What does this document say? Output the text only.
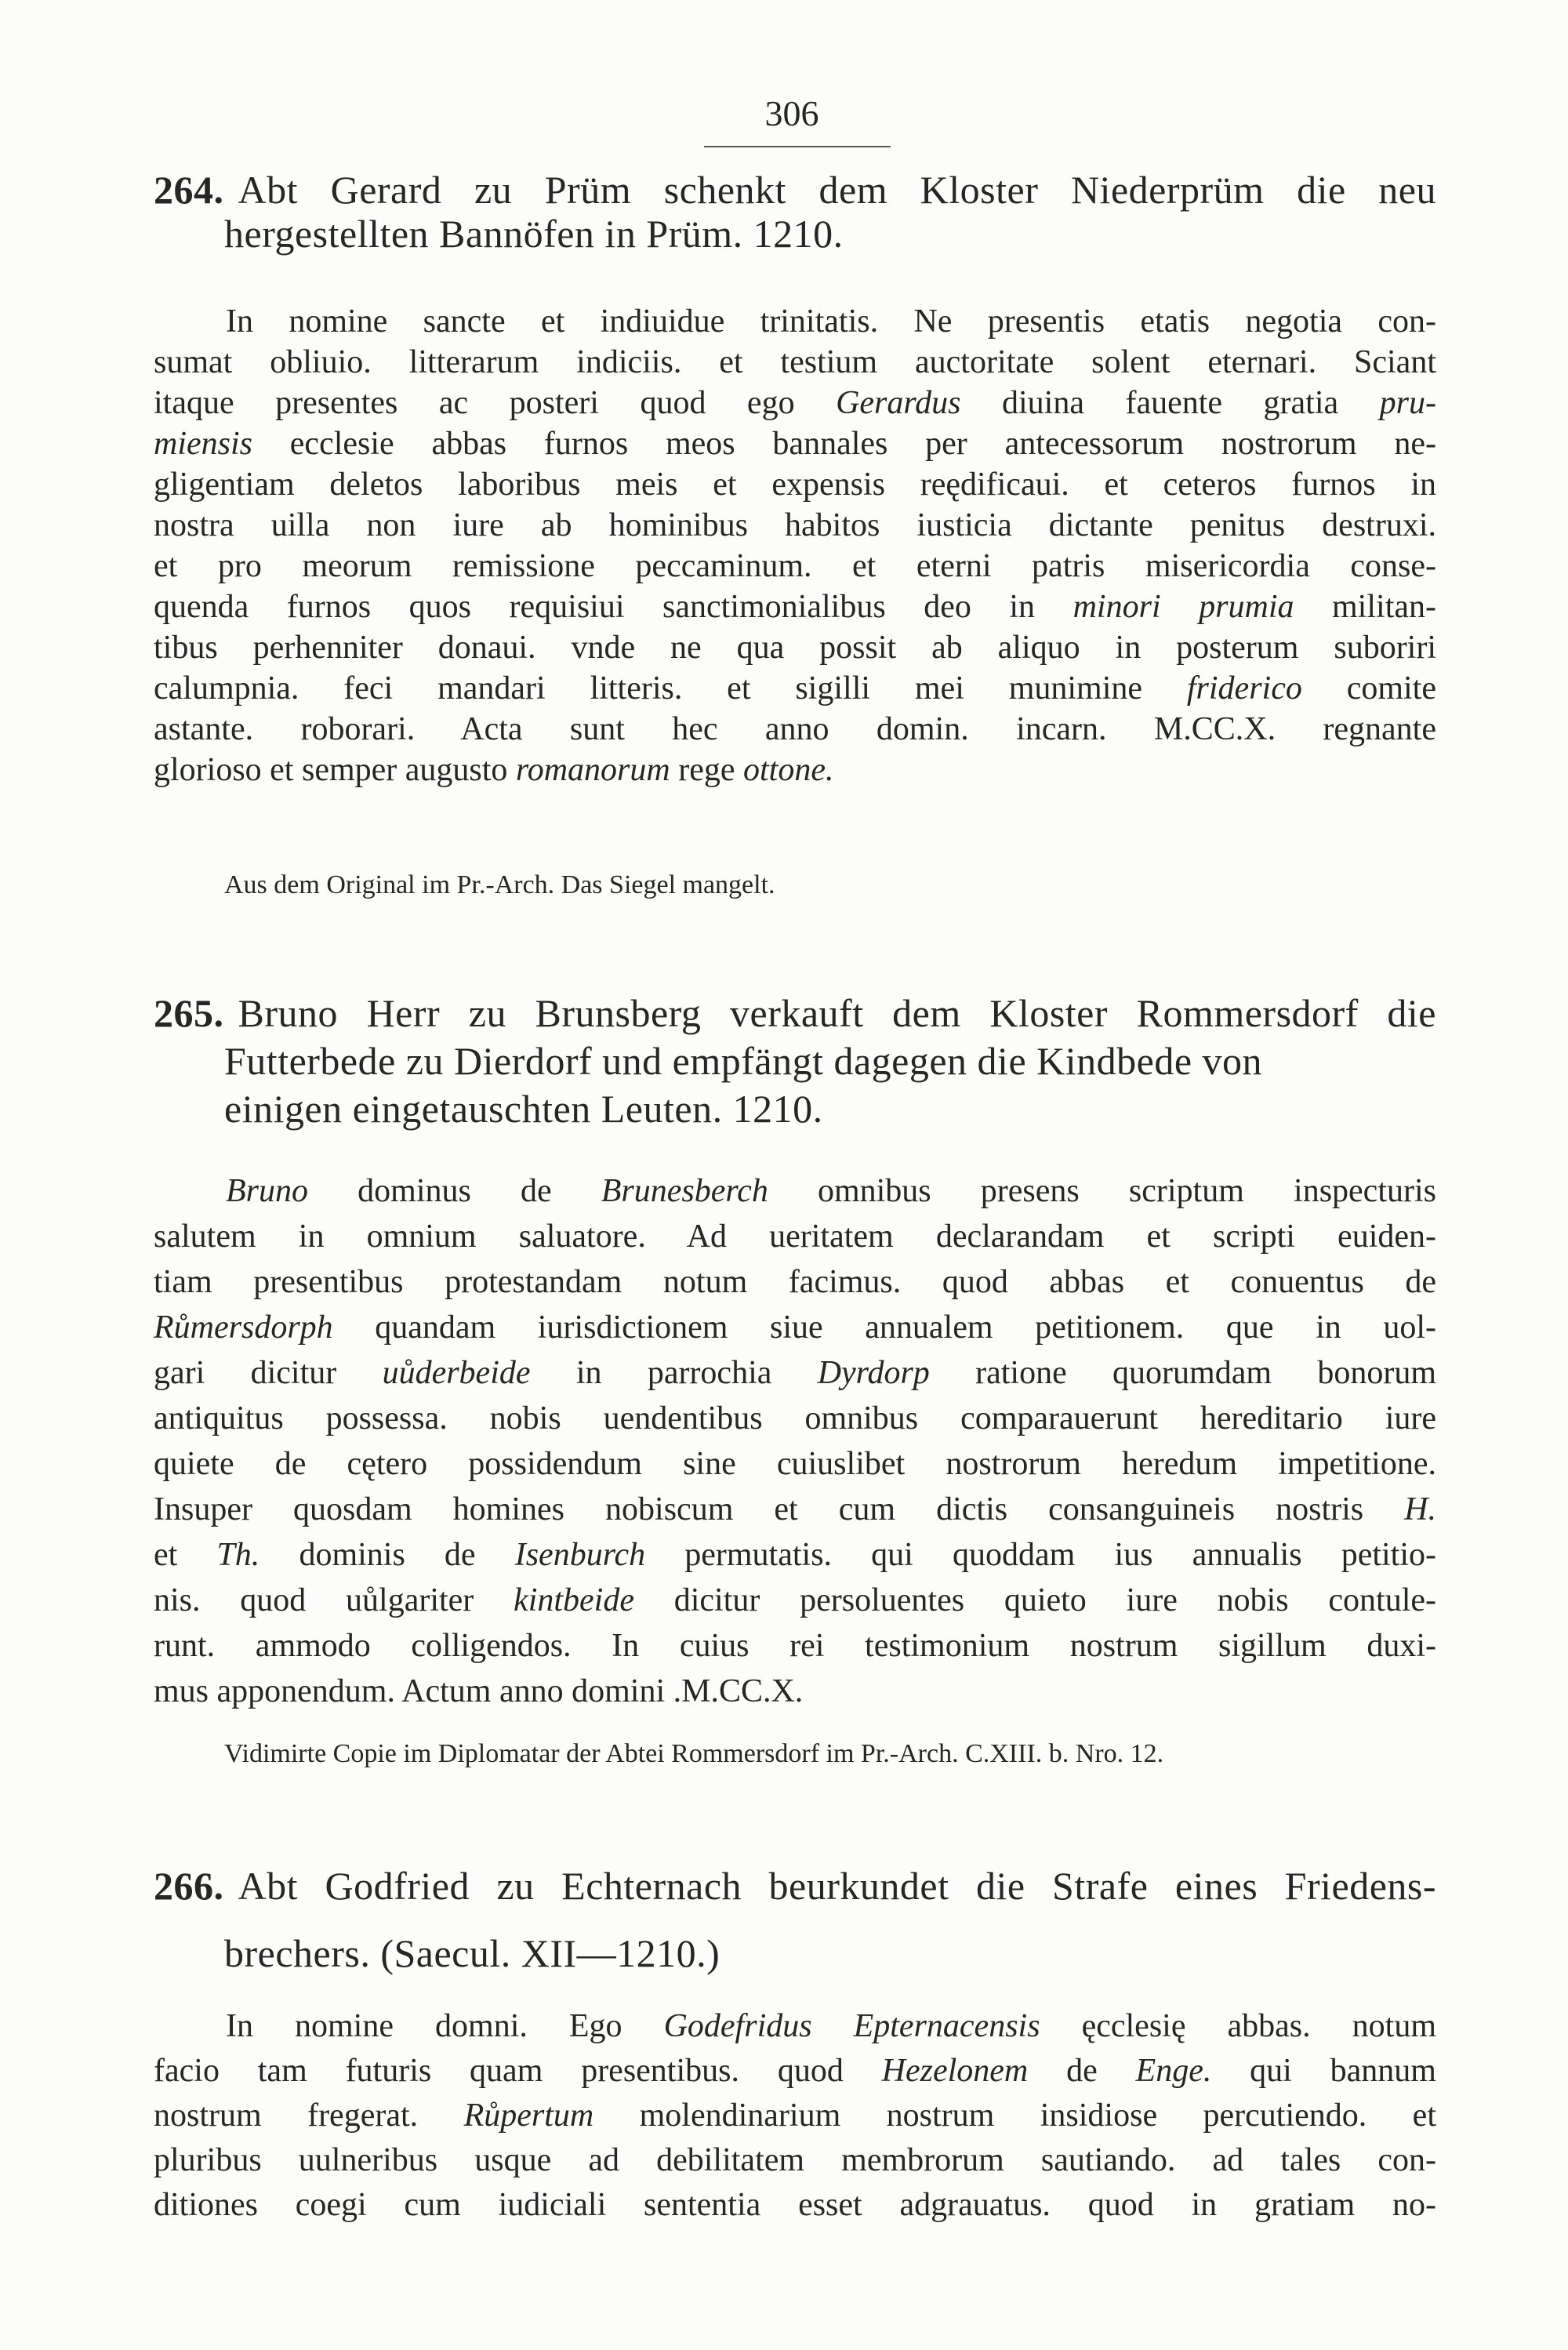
306
264. Abt Gerard zu Prüm schenkt dem Kloster Niederprüm die neu
hergestellten Bannöfen in Prüm. 1210.
In nomine sancte et indiuidue trinitatis. Ne presentis etatis negotia con-
sumat obliuio. litterarum indiciis. et testium auctoritate solent eternari. Sciant
itaque presentes ac posteri quod ego Gerardus diuina fauente gratia pru-
miensis ecclesie abbas furnos meos bannales per antecessorum nostrorum ne-
gligentiam deletos laboribus meis et expensis reędificaui. et ceteros furnos in
nostra uilla non iure ab hominibus habitos iusticia dictante penitus destruxi.
et pro meorum remissione peccaminum. et eterni patris misericordia conse-
quenda furnos quos requisiui sanctimonialibus deo in minori prumia militan-
tibus perhenniter donaui. vnde ne qua possit ab aliquo in posterum suboriri
calumpnia. feci mandari litteris. et sigilli mei munimine friderico comite
astante. roborari. Acta sunt hec anno domin. incarn. M.CC.X. regnante
glorioso et semper augusto romanorum rege ottone.
Aus dem Original im Pr.-Arch. Das Siegel mangelt.
265. Bruno Herr zu Brunsberg verkauft dem Kloster Rommersdorf die
Futterbede zu Dierdorf und empfängt dagegen die Kindbede von
einigen eingetauschten Leuten. 1210.
Bruno dominus de Brunesberch omnibus presens scriptum inspecturis
salutem in omnium saluatore. Ad ueritatem declarandam et scripti euiden-
tiam presentibus protestandam notum facimus. quod abbas et conuentus de
Růmersdorph quandam iurisdictionem siue annualem petitionem. que in uol-
gari dicitur uůderbeide in parrochia Dyrdorp ratione quorumdam bonorum
antiquitus possessa. nobis uendentibus omnibus comparauerunt hereditario iure
quiete de cętero possidendum sine cuiuslibet nostrorum heredum impetitione.
Insuper quosdam homines nobiscum et cum dictis consanguineis nostris H.
et Th. dominis de Isenburch permutatis. qui quoddam ius annualis petitio-
nis. quod uůlgariter kintbeide dicitur persoluentes quieto iure nobis contule-
runt. ammodo colligendos. In cuius rei testimonium nostrum sigillum duxi-
mus apponendum. Actum anno domini .M.CC.X.
Vidimirte Copie im Diplomatar der Abtei Rommersdorf im Pr.-Arch. C.XIII. b. Nro. 12.
266. Abt Godfried zu Echternach beurkundet die Strafe eines Friedens-
brechers. (Saecul. XII—1210.)
In nomine domni. Ego Godefridus Epternacensis ęcclesię abbas. notum
facio tam futuris quam presentibus. quod Hezelonem de Enge. qui bannum
nostrum fregerat. Růpertum molendinarium nostrum insidiose percutiendo. et
pluribus uulneribus usque ad debilitatem membrorum sautiando. ad tales con-
ditiones coegi cum iudiciali sententia esset adgrauatus. quod in gratiam no-
